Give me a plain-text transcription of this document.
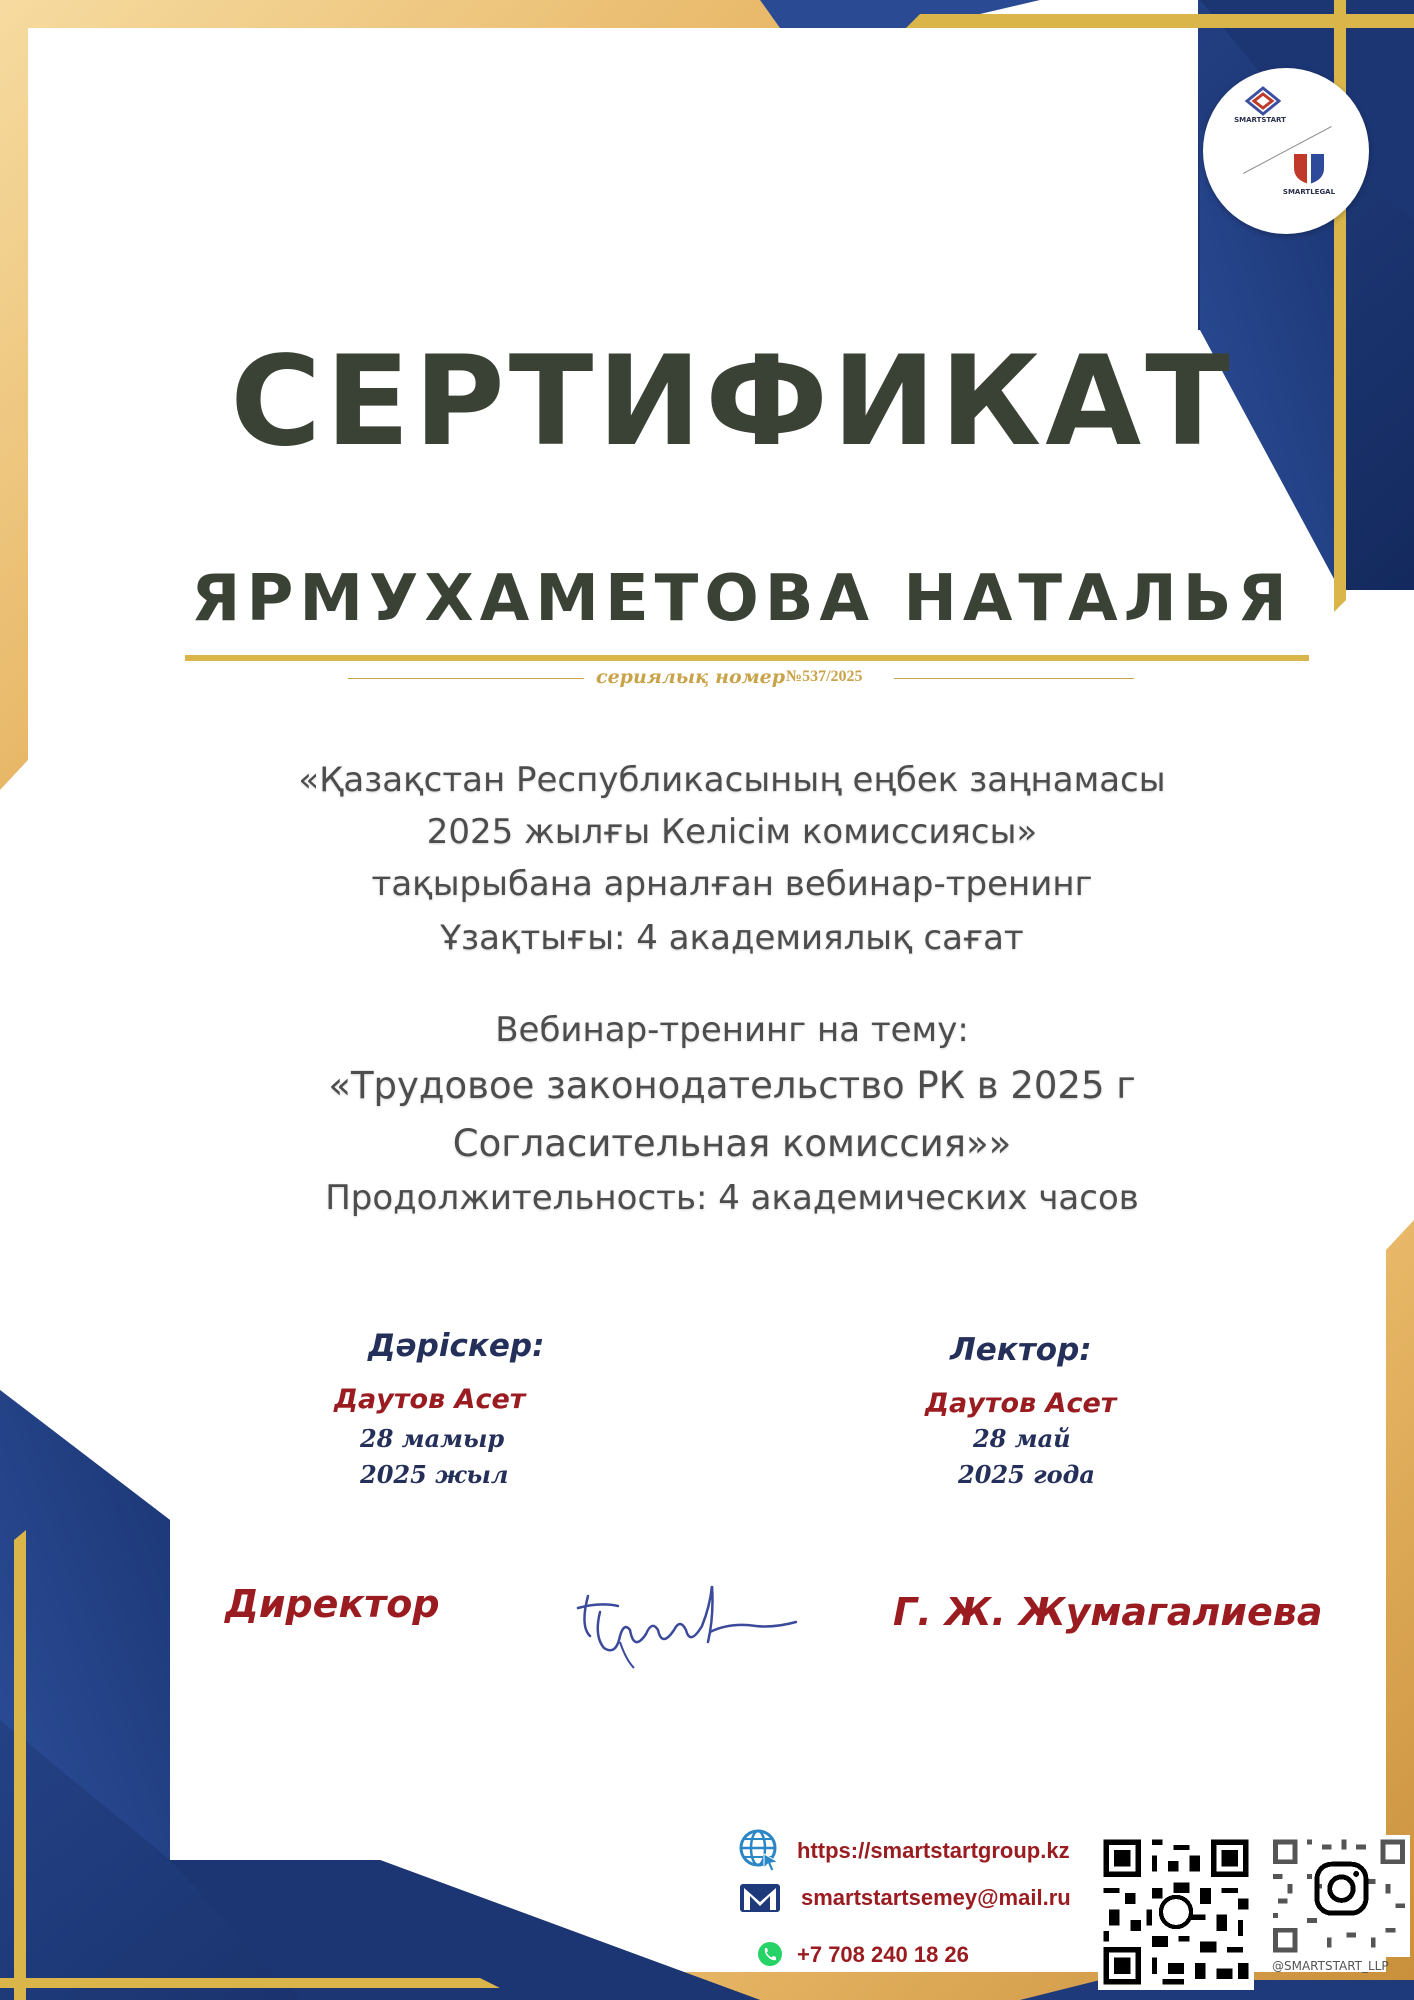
SMARTSTART
SMARTLEGAL
СЕРТИФИКАТ
ЯРМУХАМЕТОВА НАТАЛЬЯ
сериялық номер №537/2025
«Қазақстан Республикасының еңбек заңнамасы
2025 жылғы Келісім комиссиясы»
тақырыбана арналған вебинар-тренинг
Ұзақтығы: 4 академиялық сағат
Вебинар-тренинг на тему:
«Трудовое законодательство РК в 2025 г
Согласительная комиссия»»
Продолжительность: 4 академических часов
Дәріскер:
Даутов Асет
28 мамыр
2025 жыл
Лектор:
Даутов Асет
28 май
2025 года
Директор	Г. Ж. Жумагалиева
https://smartstartgroup.kz
smartstartsemey@mail.ru
+7 708 240 18 26	@SMARTSTART_LLP
